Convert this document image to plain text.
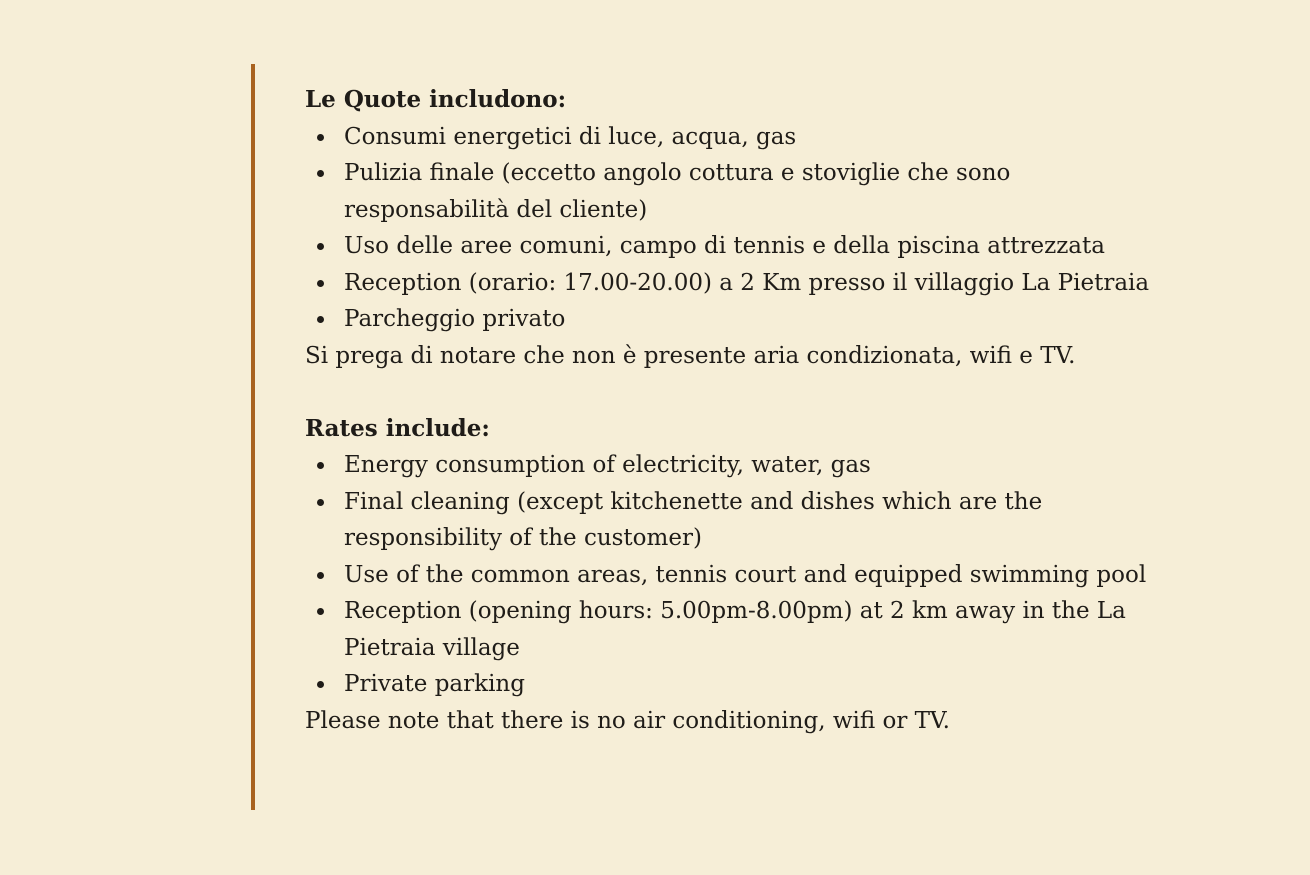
Le Quote includono:

Consumi energetici di luce, acqua, gas
Pulizia finale (eccetto angolo cottura e stoviglie che sono responsabilità del cliente)
Uso delle aree comuni, campo di tennis e della piscina attrezzata
Reception (orario: 17.00-20.00) a 2 Km presso il villaggio La Pietraia
Parcheggio privato

Si prega di notare che non è presente aria condizionata, wifi e TV.

Rates include:

Energy consumption of electricity, water, gas
Final cleaning (except kitchenette and dishes which are the responsibility of the customer)
Use of the common areas, tennis court and equipped swimming pool
Reception (opening hours: 5.00pm-8.00pm) at 2 km away in the La Pietraia village
Private parking

Please note that there is no air conditioning, wifi or TV.
